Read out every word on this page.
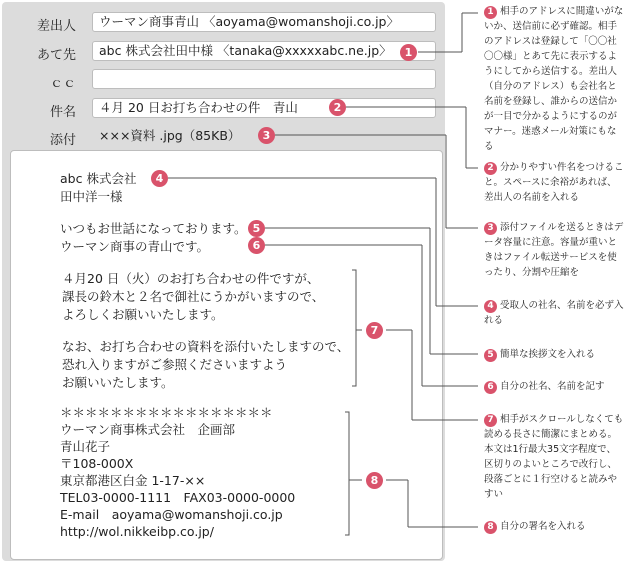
差出人	ウーマン商事青山 〈aoyama@womanshoji.co.jp〉
あて先	abc 株式会社田中様 〈tanaka@xxxxxabc.ne.jp〉
ｃｃ
件名	４月 20 日お打ち合わせの件　青山
添付	×××資料 .jpg（85KB）
abc 株式会社
田中洋一様
いつもお世話になっております。
ウーマン商事の青山です。
４月20 日（火）のお打ち合わせの件ですが、
課長の鈴木と２名で御社にうかがいますので、
よろしくお願いいたします。
なお、お打ち合わせの資料を添付いたしますので、
恐れ入りますがご参照くださいますよう
お願いいたします。
＊＊＊＊＊＊＊＊＊＊＊＊＊＊＊＊＊
ウーマン商事株式会社　企画部
青山花子
〒108-000X
東京都港区白金 1-17-××
TEL03-0000-1111　FAX03-0000-0000
E-mail　aoyama@womanshoji.co.jp
http://wol.nikkeibp.co.jp/
1
2
3
4
5
6
7
8
1 相手のアドレスに間違いがないか、送信前に必ず確認。相手のアドレスは登録して「〇〇社〇〇様」とあて先に表示するようにしてから送信する。差出人（自分のアドレス）も会社名と名前を登録し、誰からの送信かが一目で分かるようにするのがマナー。迷惑メール対策にもなる
2 分かりやすい件名をつけること。スペースに余裕があれば、差出人の名前を入れる
3 添付ファイルを送るときはデータ容量に注意。容量が重いときはファイル転送サービスを使ったり、分割や圧縮を
4 受取人の社名、名前を必ず入れる
5 簡単な挨拶文を入れる
6 自分の社名、名前を記す
7 相手がスクロールしなくても読める長さに簡潔にまとめる。本文は1行最大35文字程度で、区切りのよいところで改行し、段落ごとに１行空けると読みやすい
8 自分の署名を入れる
